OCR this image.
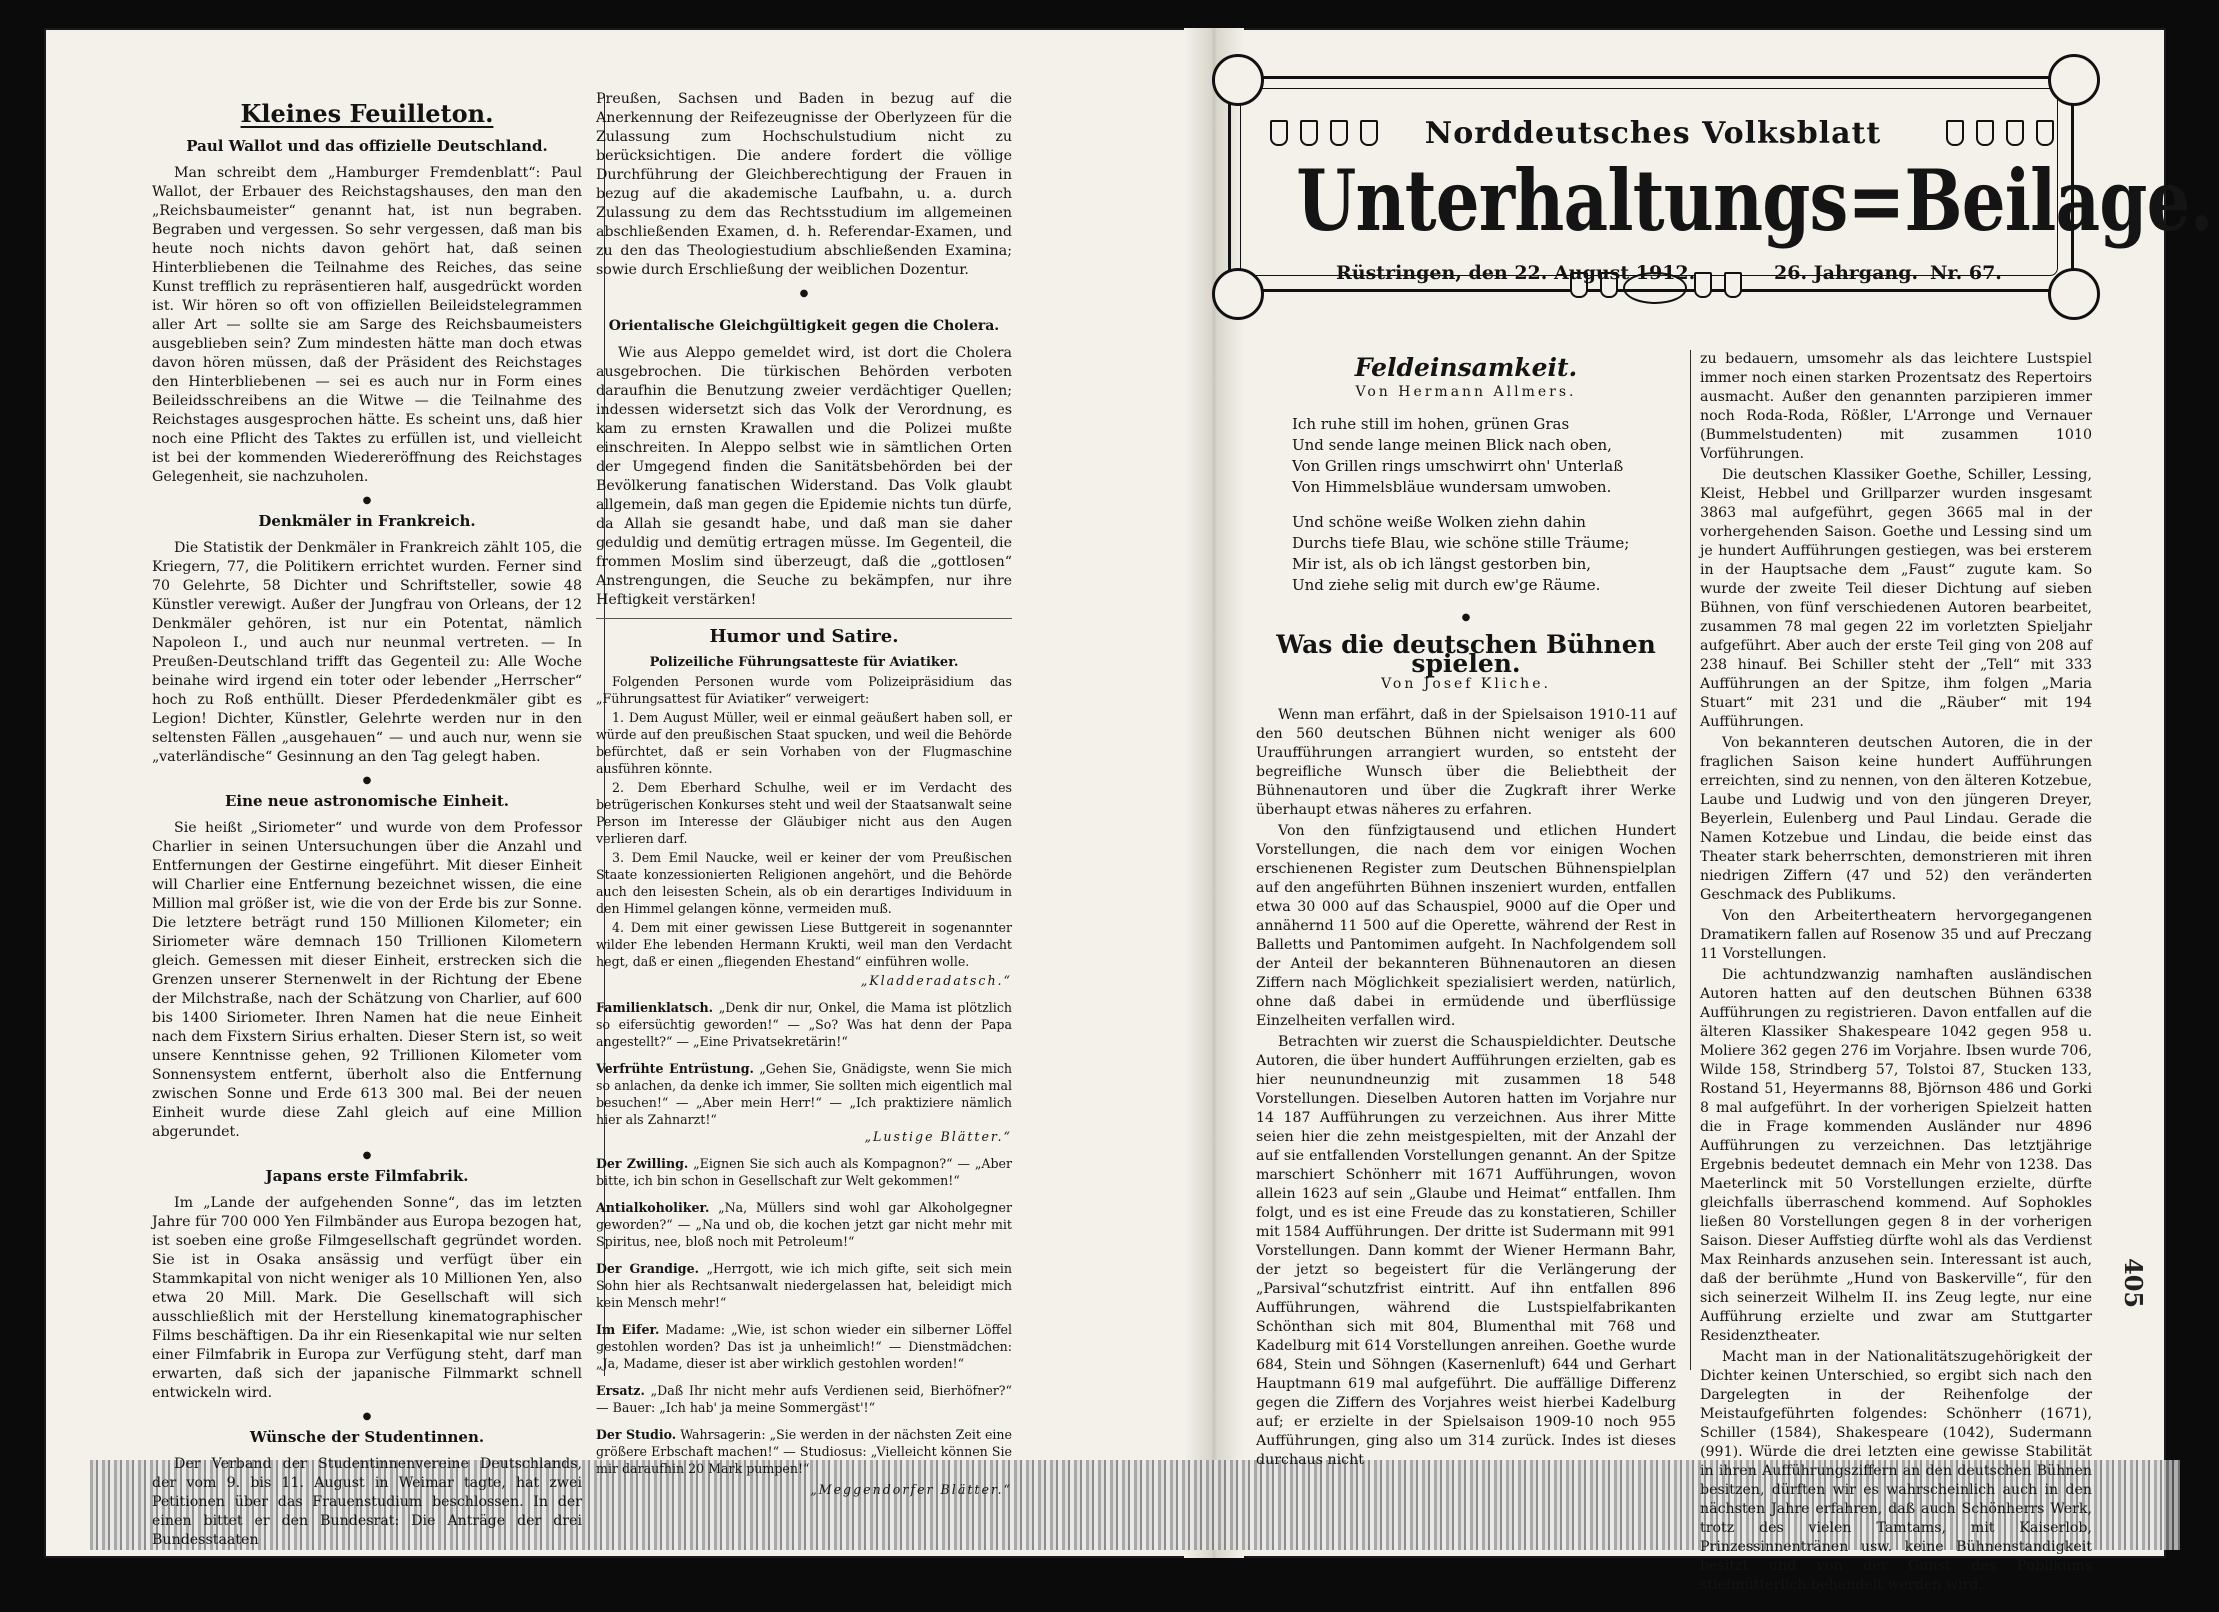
Kleines Feuilleton.
Paul Wallot und das offizielle Deutschland.

Man schreibt dem „Hamburger Fremdenblatt“: Paul Wallot, der Erbauer des Reichstagshauses, den man den „Reichsbaumeister“ genannt hat, ist nun begraben. Begraben und vergessen. So sehr vergessen, daß man bis heute noch nichts davon gehört hat, daß seinen Hinterbliebenen die Teilnahme des Reiches, das seine Kunst trefflich zu repräsentieren half, ausgedrückt worden ist. Wir hören so oft von offiziellen Beileidstelegrammen aller Art — sollte sie am Sarge des Reichsbaumeisters ausgeblieben sein? Zum mindesten hätte man doch etwas davon hören müssen, daß der Präsident des Reichstages den Hinterbliebenen — sei es auch nur in Form eines Beileidsschreibens an die Witwe — die Teilnahme des Reichstages ausgesprochen hätte. Es scheint uns, daß hier noch eine Pflicht des Taktes zu erfüllen ist, und vielleicht ist bei der kommenden Wiedereröffnung des Reichstages Gelegenheit, sie nachzuholen.

●
Denkmäler in Frankreich.

Die Statistik der Denkmäler in Frankreich zählt 105, die Kriegern, 77, die Politikern errichtet wurden. Ferner sind 70 Gelehrte, 58 Dichter und Schriftsteller, sowie 48 Künstler verewigt. Außer der Jungfrau von Orleans, der 12 Denkmäler gehören, ist nur ein Potentat, nämlich Napoleon I., und auch nur neunmal vertreten. — In Preußen-Deutschland trifft das Gegenteil zu: Alle Woche beinahe wird irgend ein toter oder lebender „Herrscher“ hoch zu Roß enthüllt. Dieser Pferdedenkmäler gibt es Legion! Dichter, Künstler, Gelehrte werden nur in den seltensten Fällen „ausgehauen“ — und auch nur, wenn sie „vaterländische“ Gesinnung an den Tag gelegt haben.

●
Eine neue astronomische Einheit.

Sie heißt „Siriometer“ und wurde von dem Professor Charlier in seinen Untersuchungen über die Anzahl und Entfernungen der Gestirne eingeführt. Mit dieser Einheit will Charlier eine Entfernung bezeichnet wissen, die eine Million mal größer ist, wie die von der Erde bis zur Sonne. Die letztere beträgt rund 150 Millionen Kilometer; ein Siriometer wäre demnach 150 Trillionen Kilometern gleich. Gemessen mit dieser Einheit, erstrecken sich die Grenzen unserer Sternenwelt in der Richtung der Ebene der Milchstraße, nach der Schätzung von Charlier, auf 600 bis 1400 Siriometer. Ihren Namen hat die neue Einheit nach dem Fixstern Sirius erhalten. Dieser Stern ist, so weit unsere Kenntnisse gehen, 92 Trillionen Kilometer vom Sonnensystem entfernt, überholt also die Entfernung zwischen Sonne und Erde 613 300 mal. Bei der neuen Einheit wurde diese Zahl gleich auf eine Million abgerundet.

●
Japans erste Filmfabrik.

Im „Lande der aufgehenden Sonne“, das im letzten Jahre für 700 000 Yen Filmbänder aus Europa bezogen hat, ist soeben eine große Filmgesellschaft gegründet worden. Sie ist in Osaka ansässig und verfügt über ein Stammkapital von nicht weniger als 10 Millionen Yen, also etwa 20 Mill. Mark. Die Gesellschaft will sich ausschließlich mit der Herstellung kinematographischer Films beschäftigen. Da ihr ein Riesenkapital wie nur selten einer Filmfabrik in Europa zur Verfügung steht, darf man erwarten, daß sich der japanische Filmmarkt schnell entwickeln wird.

●
Wünsche der Studentinnen.

Der Verband der Studentinnenvereine Deutschlands, der vom 9. bis 11. August in Weimar tagte, hat zwei Petitionen über das Frauenstudium beschlossen. In der einen bittet er den Bundesrat: Die Anträge der drei Bundesstaaten

Preußen, Sachsen und Baden in bezug auf die Anerkennung der Reifezeugnisse der Oberlyzeen für die Zulassung zum Hochschulstudium nicht zu berücksichtigen. Die andere fordert die völlige Durchführung der Gleichberechtigung der Frauen in bezug auf die akademische Laufbahn, u. a. durch Zulassung zu dem das Rechtsstudium im allgemeinen abschließenden Examen, d. h. Referendar-Examen, und zu den das Theologiestudium abschließenden Examina; sowie durch Erschließung der weiblichen Dozentur.

●
Orientalische Gleichgültigkeit gegen die Cholera.

Wie aus Aleppo gemeldet wird, ist dort die Cholera ausgebrochen. Die türkischen Behörden verboten daraufhin die Benutzung zweier verdächtiger Quellen; indessen widersetzt sich das Volk der Verordnung, es kam zu ernsten Krawallen und die Polizei mußte einschreiten. In Aleppo selbst wie in sämtlichen Orten der Umgegend finden die Sanitätsbehörden bei der Bevölkerung fanatischen Widerstand. Das Volk glaubt allgemein, daß man gegen die Epidemie nichts tun dürfe, da Allah sie gesandt habe, und daß man sie daher geduldig und demütig ertragen müsse. Im Gegenteil, die frommen Moslim sind überzeugt, daß die „gottlosen“ Anstrengungen, die Seuche zu bekämpfen, nur ihre Heftigkeit verstärken!

Humor und Satire.
Polizeiliche Führungsatteste für Aviatiker.

Folgenden Personen wurde vom Polizeipräsidium das „Führungsattest für Aviatiker“ verweigert:

1. Dem August Müller, weil er einmal geäußert haben soll, er würde auf den preußischen Staat spucken, und weil die Behörde befürchtet, daß er sein Vorhaben von der Flugmaschine ausführen könnte.

2. Dem Eberhard Schulhe, weil er im Verdacht des betrügerischen Konkurses steht und weil der Staatsanwalt seine Person im Interesse der Gläubiger nicht aus den Augen verlieren darf.

3. Dem Emil Naucke, weil er keiner der vom Preußischen Staate konzessionierten Religionen angehört, und die Behörde auch den leisesten Schein, als ob ein derartiges Individuum in den Himmel gelangen könne, vermeiden muß.

4. Dem mit einer gewissen Liese Buttgereit in sogenannter wilder Ehe lebenden Hermann Krukti, weil man den Verdacht hegt, daß er einen „fliegenden Ehestand“ einführen wolle.

„Kladderadatsch.“

Familienklatsch. „Denk dir nur, Onkel, die Mama ist plötzlich so eifersüchtig geworden!“ — „So? Was hat denn der Papa angestellt?“ — „Eine Privatsekretärin!“
Verfrühte Entrüstung. „Gehen Sie, Gnädigste, wenn Sie mich so anlachen, da denke ich immer, Sie sollten mich eigentlich mal besuchen!“ — „Aber mein Herr!“ — „Ich praktiziere nämlich hier als Zahnarzt!“
„Lustige Blätter.“
Der Zwilling. „Eignen Sie sich auch als Kompagnon?“ — „Aber bitte, ich bin schon in Gesellschaft zur Welt gekommen!“
Antialkoholiker. „Na, Müllers sind wohl gar Alkoholgegner geworden?“ — „Na und ob, die kochen jetzt gar nicht mehr mit Spiritus, nee, bloß noch mit Petroleum!“
Der Grandige. „Herrgott, wie ich mich gifte, seit sich mein Sohn hier als Rechtsanwalt niedergelassen hat, beleidigt mich kein Mensch mehr!“
Im Eifer. Madame: „Wie, ist schon wieder ein silberner Löffel gestohlen worden? Das ist ja unheimlich!“ — Dienstmädchen: „Ja, Madame, dieser ist aber wirklich gestohlen worden!“
Ersatz. „Daß Ihr nicht mehr aufs Verdienen seid, Bierhöfner?“ — Bauer: „Ich hab' ja meine Sommergäst'!“
Der Studio. Wahrsagerin: „Sie werden in der nächsten Zeit eine größere Erbschaft machen!“ — Studiosus: „Vielleicht können Sie mir daraufhin 20 Mark pumpen!“

„Meggendorfer Blätter.“

Norddeutsches Volksblatt
Unterhaltungs=Beilage.
Rüstringen, den 22. August 1912.	26. Jahrgang. Nr. 67.
Feldeinsamkeit.
Von Hermann Allmers.
Ich ruhe still im hohen, grünen Gras
Und sende lange meinen Blick nach oben,
Von Grillen rings umschwirrt ohn' Unterlaß
Von Himmelsbläue wundersam umwoben.
Und schöne weiße Wolken ziehn dahin
Durchs tiefe Blau, wie schöne stille Träume;
Mir ist, als ob ich längst gestorben bin,
Und ziehe selig mit durch ew'ge Räume.
●
Was die deutschen Bühnen spielen.
Von Josef Kliche.

Wenn man erfährt, daß in der Spielsaison 1910-11 auf den 560 deutschen Bühnen nicht weniger als 600 Uraufführungen arrangiert wurden, so entsteht der begreifliche Wunsch über die Beliebtheit der Bühnenautoren und über die Zugkraft ihrer Werke überhaupt etwas näheres zu erfahren.

Von den fünfzigtausend und etlichen Hundert Vorstellungen, die nach dem vor einigen Wochen erschienenen Register zum Deutschen Bühnenspielplan auf den angeführten Bühnen inszeniert wurden, entfallen etwa 30 000 auf das Schauspiel, 9000 auf die Oper und annähernd 11 500 auf die Operette, während der Rest in Balletts und Pantomimen aufgeht. In Nachfolgendem soll der Anteil der bekannteren Bühnenautoren an diesen Ziffern nach Möglichkeit spezialisiert werden, natürlich, ohne daß dabei in ermüdende und überflüssige Einzelheiten verfallen wird.

Betrachten wir zuerst die Schauspieldichter. Deutsche Autoren, die über hundert Aufführungen erzielten, gab es hier neunundneunzig mit zusammen 18 548 Vorstellungen. Dieselben Autoren hatten im Vorjahre nur 14 187 Aufführungen zu verzeichnen. Aus ihrer Mitte seien hier die zehn meistgespielten, mit der Anzahl der auf sie entfallenden Vorstellungen genannt. An der Spitze marschiert Schönherr mit 1671 Aufführungen, wovon allein 1623 auf sein „Glaube und Heimat“ entfallen. Ihm folgt, und es ist eine Freude das zu konstatieren, Schiller mit 1584 Aufführungen. Der dritte ist Sudermann mit 991 Vorstellungen. Dann kommt der Wiener Hermann Bahr, der jetzt so begeistert für die Verlängerung der „Parsival“schutzfrist eintritt. Auf ihn entfallen 896 Aufführungen, während die Lustspielfabrikanten Schönthan sich mit 804, Blumenthal mit 768 und Kadelburg mit 614 Vorstellungen anreihen. Goethe wurde 684, Stein und Söhngen (Kasernenluft) 644 und Gerhart Hauptmann 619 mal aufgeführt. Die auffällige Differenz gegen die Ziffern des Vorjahres weist hierbei Kadelburg auf; er erzielte in der Spielsaison 1909-10 noch 955 Aufführungen, ging also um 314 zurück. Indes ist dieses durchaus nicht

zu bedauern, umsomehr als das leichtere Lustspiel immer noch einen starken Prozentsatz des Repertoirs ausmacht. Außer den genannten parzipieren immer noch Roda-Roda, Rößler, L'Arronge und Vernauer (Bummelstudenten) mit zusammen 1010 Vorführungen.

Die deutschen Klassiker Goethe, Schiller, Lessing, Kleist, Hebbel und Grillparzer wurden insgesamt 3863 mal aufgeführt, gegen 3665 mal in der vorhergehenden Saison. Goethe und Lessing sind um je hundert Aufführungen gestiegen, was bei ersterem in der Hauptsache dem „Faust“ zugute kam. So wurde der zweite Teil dieser Dichtung auf sieben Bühnen, von fünf verschiedenen Autoren bearbeitet, zusammen 78 mal gegen 22 im vorletzten Spieljahr aufgeführt. Aber auch der erste Teil ging von 208 auf 238 hinauf. Bei Schiller steht der „Tell“ mit 333 Aufführungen an der Spitze, ihm folgen „Maria Stuart“ mit 231 und die „Räuber“ mit 194 Aufführungen.

Von bekannteren deutschen Autoren, die in der fraglichen Saison keine hundert Aufführungen erreichten, sind zu nennen, von den älteren Kotzebue, Laube und Ludwig und von den jüngeren Dreyer, Beyerlein, Eulenberg und Paul Lindau. Gerade die Namen Kotzebue und Lindau, die beide einst das Theater stark beherrschten, demonstrieren mit ihren niedrigen Ziffern (47 und 52) den veränderten Geschmack des Publikums.

Von den Arbeitertheatern hervorgegangenen Dramatikern fallen auf Rosenow 35 und auf Preczang 11 Vorstellungen.

Die achtundzwanzig namhaften ausländischen Autoren hatten auf den deutschen Bühnen 6338 Aufführungen zu registrieren. Davon entfallen auf die älteren Klassiker Shakespeare 1042 gegen 958 u. Moliere 362 gegen 276 im Vorjahre. Ibsen wurde 706, Wilde 158, Strindberg 57, Tolstoi 87, Stucken 133, Rostand 51, Heyermanns 88, Björnson 486 und Gorki 8 mal aufgeführt. In der vorherigen Spielzeit hatten die in Frage kommenden Ausländer nur 4896 Aufführungen zu verzeichnen. Das letztjährige Ergebnis bedeutet demnach ein Mehr von 1238. Das Maeterlinck mit 50 Vorstellungen erzielte, dürfte gleichfalls überraschend kommend. Auf Sophokles ließen 80 Vorstellungen gegen 8 in der vorherigen Saison. Dieser Auffstieg dürfte wohl als das Verdienst Max Reinhards anzusehen sein. Interessant ist auch, daß der berühmte „Hund von Baskerville“, für den sich seinerzeit Wilhelm II. ins Zeug legte, nur eine Aufführung erzielte und zwar am Stuttgarter Residenztheater.

Macht man in der Nationalitätszugehörigkeit der Dichter keinen Unterschied, so ergibt sich nach den Dargelegten in der Reihenfolge der Meistaufgeführten folgendes: Schönherr (1671), Schiller (1584), Shakespeare (1042), Sudermann (991). Würde die drei letzten eine gewisse Stabilität in ihren Aufführungsziffern an den deutschen Bühnen besitzen, dürften wir es wahrscheinlich auch in den nächsten Jahre erfahren, daß auch Schönherrs Werk, trotz des vielen Tamtams, mit Kaiserlob, Prinzessinnentränen usw. keine Bühnenstandigkeit besitzt und von der Gunst des Publikums stiefmütterlich behandelt werden wird.

405
